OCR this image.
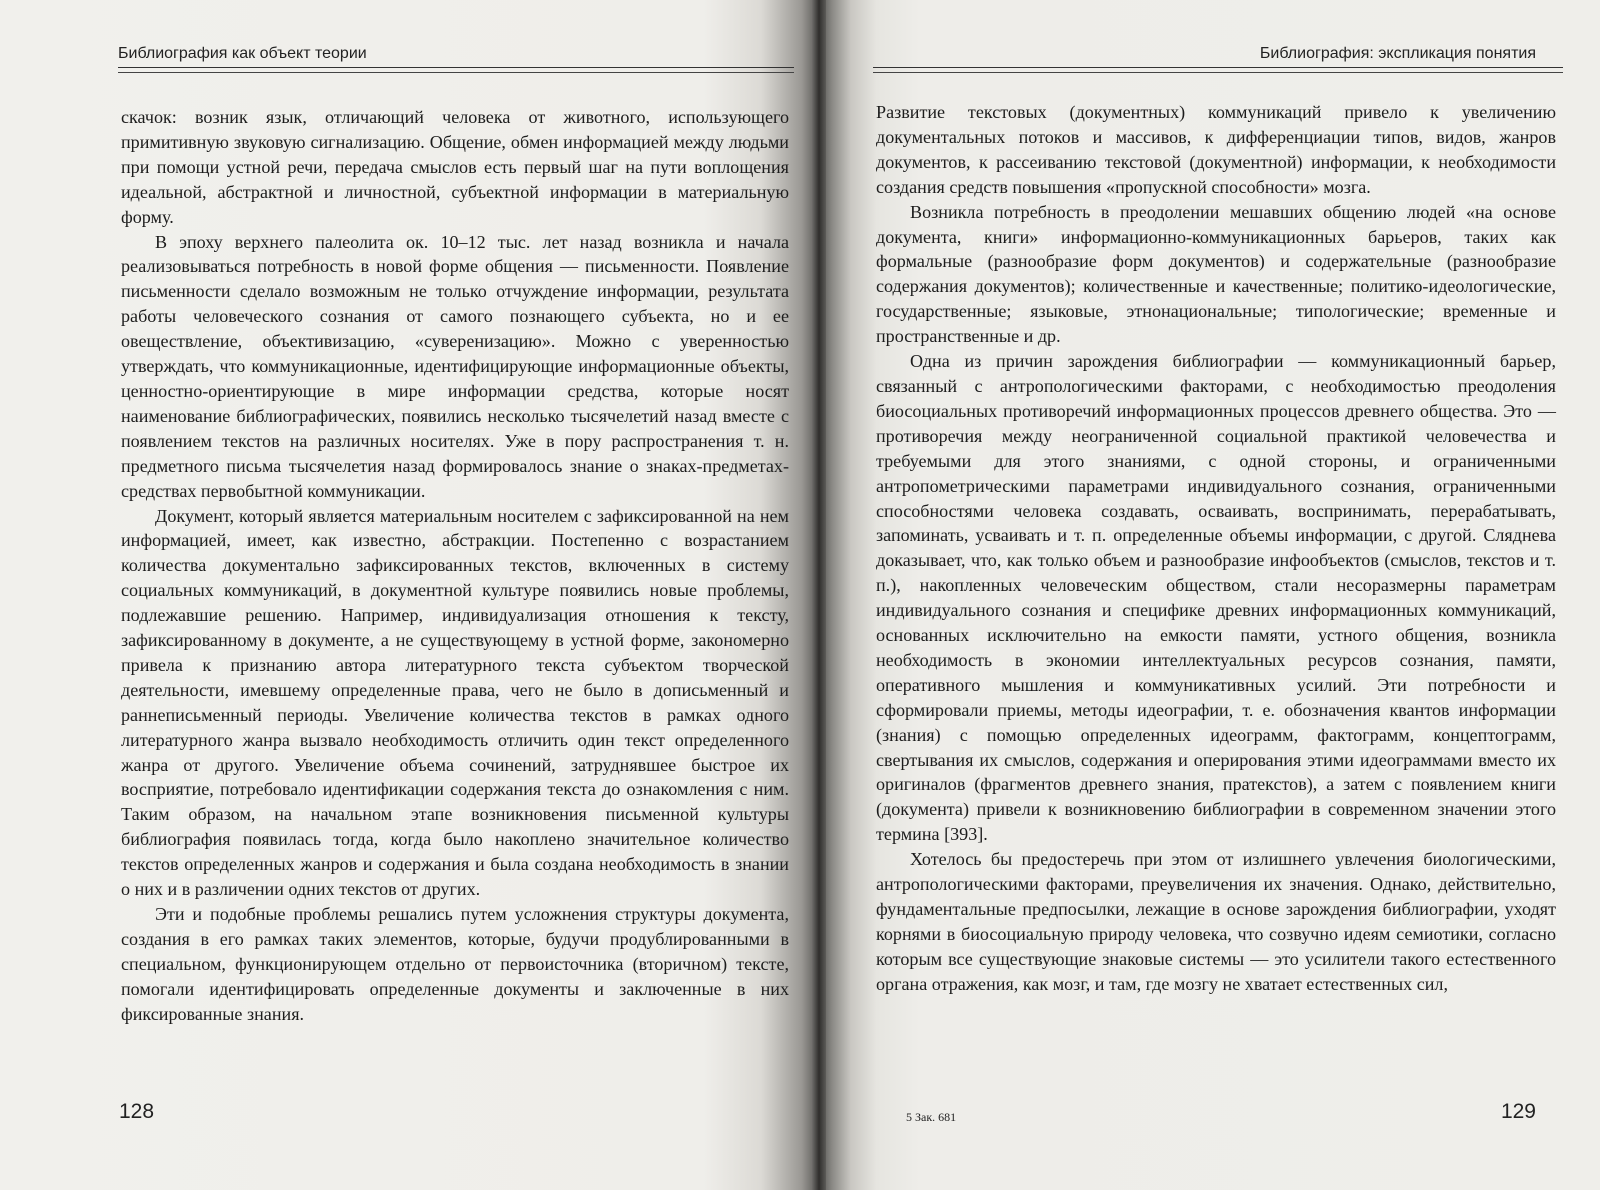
Библиография как объект теории

скачок: возник язык, отличающий человека от животного, использующего примитивную звуковую сигнализацию. Общение, обмен информацией между людьми при помощи устной речи, передача смыслов есть первый шаг на пути воплощения идеальной, абстрактной и личностной, субъектной информации в материальную форму.

В эпоху верхнего палеолита ок. 10–12 тыс. лет назад возникла и начала реализовываться потребность в новой форме общения — письменности. Появление письменности сделало возможным не только отчуждение информации, результата работы человеческого сознания от самого познающего субъекта, но и ее овеществление, объективизацию, «суверенизацию». Можно с уверенностью утверждать, что коммуникационные, идентифицирующие информационные объекты, ценностно-ориентирующие в мире информации средства, которые носят наименование библиографических, появились несколько тысячелетий назад вместе с появлением текстов на различных носителях. Уже в пору распространения т. н. предметного письма тысячелетия назад формировалось знание о знаках-предметах-средствах первобытной коммуникации.

Документ, который является материальным носителем с зафиксированной на нем информацией, имеет, как известно, абстракции. Постепенно с возрастанием количества документально зафиксированных текстов, включенных в систему социальных коммуникаций, в документной культуре появились новые проблемы, подлежавшие решению. Например, индивидуализация отношения к тексту, зафиксированному в документе, а не существующему в устной форме, закономерно привела к признанию автора литературного текста субъектом творческой деятельности, имевшему определенные права, чего не было в дописьменный и раннеписьменный периоды. Увеличение количества текстов в рамках одного литературного жанра вызвало необходимость отличить один текст определенного жанра от другого. Увеличение объема сочинений, затруднявшее быстрое их восприятие, потребовало идентификации содержания текста до ознакомления с ним. Таким образом, на начальном этапе возникновения письменной культуры библиография появилась тогда, когда было накоплено значительное количество текстов определенных жанров и содержания и была создана необходимость в знании о них и в различении одних текстов от других.

Эти и подобные проблемы решались путем усложнения структуры документа, создания в его рамках таких элементов, которые, будучи продублированными в специальном, функционирующем отдельно от первоисточника (вторичном) тексте, помогали идентифицировать определенные документы и заключенные в них фиксированные знания.

128
Библиография: экспликация понятия

Развитие текстовых (документных) коммуникаций привело к увеличению документальных потоков и массивов, к дифференциации типов, видов, жанров документов, к рассеиванию текстовой (документной) информации, к необходимости создания средств повышения «пропускной способности» мозга.

Возникла потребность в преодолении мешавших общению людей «на основе документа, книги» информационно-коммуникационных барьеров, таких как формальные (разнообразие форм документов) и содержательные (разнообразие содержания документов); количественные и качественные; политико-идеологические, государственные; языковые, этнонациональные; типологические; временные и пространственные и др.

Одна из причин зарождения библиографии — коммуникационный барьер, связанный с антропологическими факторами, с необходимостью преодоления биосоциальных противоречий информационных процессов древнего общества. Это — противоречия между неограниченной социальной практикой человечества и требуемыми для этого знаниями, с одной стороны, и ограниченными антропометрическими параметрами индивидуального сознания, ограниченными способностями человека создавать, осваивать, воспринимать, перерабатывать, запоминать, усваивать и т. п. определенные объемы информации, с другой. Сляднева доказывает, что, как только объем и разнообразие инфообъектов (смыслов, текстов и т. п.), накопленных человеческим обществом, стали несоразмерны параметрам индивидуального сознания и специфике древних информационных коммуникаций, основанных исключительно на емкости памяти, устного общения, возникла необходимость в экономии интеллектуальных ресурсов сознания, памяти, оперативного мышления и коммуникативных усилий. Эти потребности и сформировали приемы, методы идеографии, т. е. обозначения квантов информации (знания) с помощью определенных идеограмм, фактограмм, концептограмм, свертывания их смыслов, содержания и оперирования этими идеограммами вместо их оригиналов (фрагментов древнего знания, пратекстов), а затем с появлением книги (документа) привели к возникновению библиографии в современном значении этого термина [393].

Хотелось бы предостеречь при этом от излишнего увлечения биологическими, антропологическими факторами, преувеличения их значения. Однако, действительно, фундаментальные предпосылки, лежащие в основе зарождения библиографии, уходят корнями в биосоциальную природу человека, что созвучно идеям семиотики, согласно которым все существующие знаковые системы — это усилители такого естественного органа отражения, как мозг, и там, где мозгу не хватает естественных сил,

5 Зак. 681	129
